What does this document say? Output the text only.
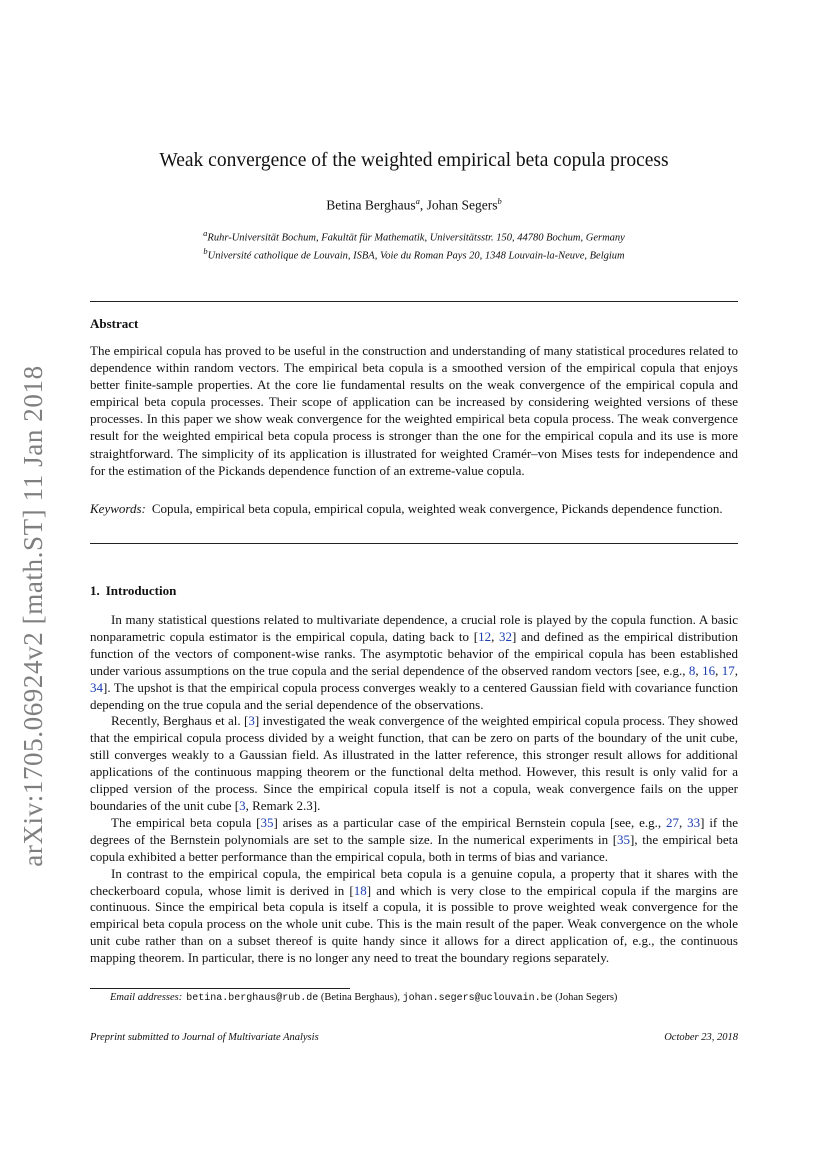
arXiv:1705.06924v2 [math.ST] 11 Jan 2018
Weak convergence of the weighted empirical beta copula process
Betina Berghaus$^a$, Johan Segers$^b$
$^a$Ruhr-Universität Bochum, Fakultät für Mathematik, Universitätsstr. 150, 44780 Bochum, Germany
$^b$Université catholique de Louvain, ISBA, Voie du Roman Pays 20, 1348 Louvain-la-Neuve, Belgium
Abstract
The empirical copula has proved to be useful in the construction and understanding of many statistical procedures related to dependence within random vectors. The empirical beta copula is a smoothed version of the empirical copula that enjoys better finite-sample properties. At the core lie fundamental results on the weak convergence of the empirical copula and empirical beta copula processes. Their scope of application can be increased by considering weighted versions of these processes. In this paper we show weak convergence for the weighted empirical beta copula process. The weak convergence result for the weighted empirical beta copula process is stronger than the one for the empirical copula and its use is more straightforward. The simplicity of its application is illustrated for weighted Cramér–von Mises tests for independence and for the estimation of the Pickands dependence function of an extreme-value copula.
Keywords: Copula, empirical beta copula, empirical copula, weighted weak convergence, Pickands dependence function.
1. Introduction

In many statistical questions related to multivariate dependence, a crucial role is played by the copula function. A basic nonparametric copula estimator is the empirical copula, dating back to [12, 32] and defined as the empirical distribution function of the vectors of component-wise ranks. The asymptotic behavior of the empirical copula has been established under various assumptions on the true copula and the serial dependence of the observed random vectors [see, e.g., 8, 16, 17, 34]. The upshot is that the empirical copula process converges weakly to a centered Gaussian field with covariance function depending on the true copula and the serial dependence of the observations.

Recently, Berghaus et al. [3] investigated the weak convergence of the weighted empirical copula process. They showed that the empirical copula process divided by a weight function, that can be zero on parts of the boundary of the unit cube, still converges weakly to a Gaussian field. As illustrated in the latter reference, this stronger result allows for additional applications of the continuous mapping theorem or the functional delta method. However, this result is only valid for a clipped version of the process. Since the empirical copula itself is not a copula, weak convergence fails on the upper boundaries of the unit cube [3, Remark 2.3].

The empirical beta copula [35] arises as a particular case of the empirical Bernstein copula [see, e.g., 27, 33] if the degrees of the Bernstein polynomials are set to the sample size. In the numerical experiments in [35], the empirical beta copula exhibited a better performance than the empirical copula, both in terms of bias and variance.

In contrast to the empirical copula, the empirical beta copula is a genuine copula, a property that it shares with the checkerboard copula, whose limit is derived in [18] and which is very close to the empirical copula if the margins are continuous. Since the empirical beta copula is itself a copula, it is possible to prove weighted weak convergence for the empirical beta copula process on the whole unit cube. This is the main result of the paper. Weak convergence on the whole unit cube rather than on a subset thereof is quite handy since it allows for a direct application of, e.g., the continuous mapping theorem. In particular, there is no longer any need to treat the boundary regions separately.

Email addresses: betina.berghaus@rub.de (Betina Berghaus), johan.segers@uclouvain.be (Johan Segers)
Preprint submitted to Journal of Multivariate Analysis	October 23, 2018
